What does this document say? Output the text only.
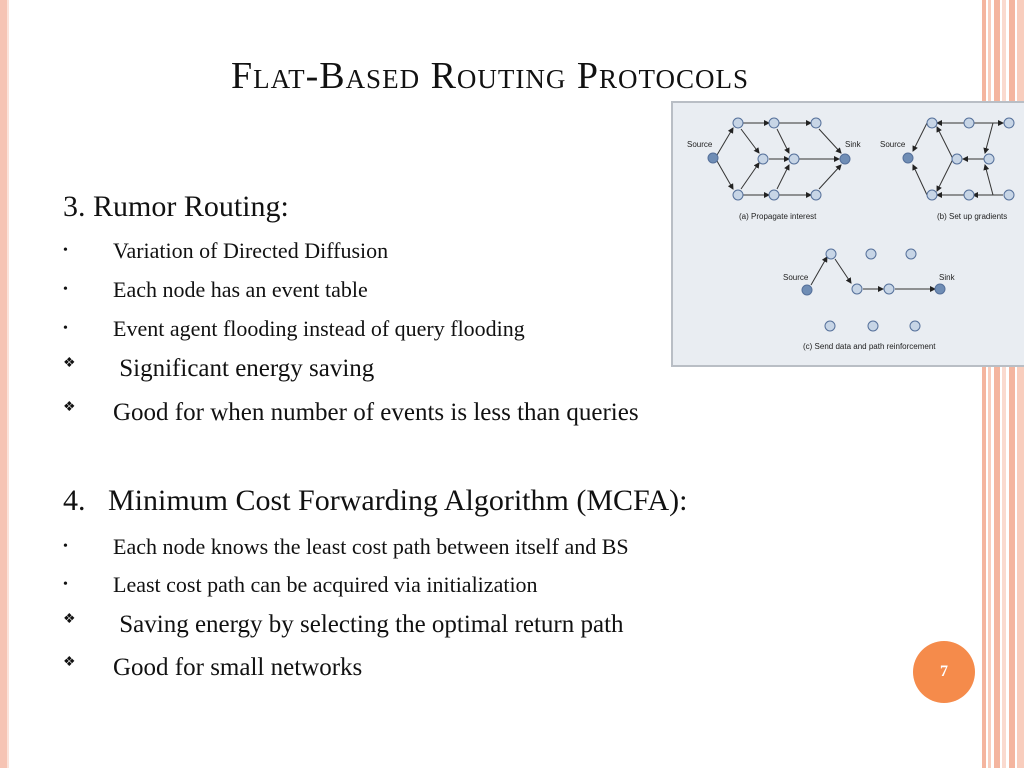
Flat-Based Routing Protocols
3. Rumor Routing:
•	Variation of Directed Diffusion
•	Each node has an event table
•	Event agent flooding instead of query flooding
❖	Significant energy saving
❖	Good for when number of events is less than queries
4. Minimum Cost Forwarding Algorithm (MCFA):
•	Each node knows the least cost path between itself and BS
•	Least cost path can be acquired via initialization
❖	Saving energy by selecting the optimal return path
❖	Good for small networks
Source	Sink
(a) Propagate interest
Source
(b) Set up gradients
Source	Sink
(c) Send data and path reinforcement
7
